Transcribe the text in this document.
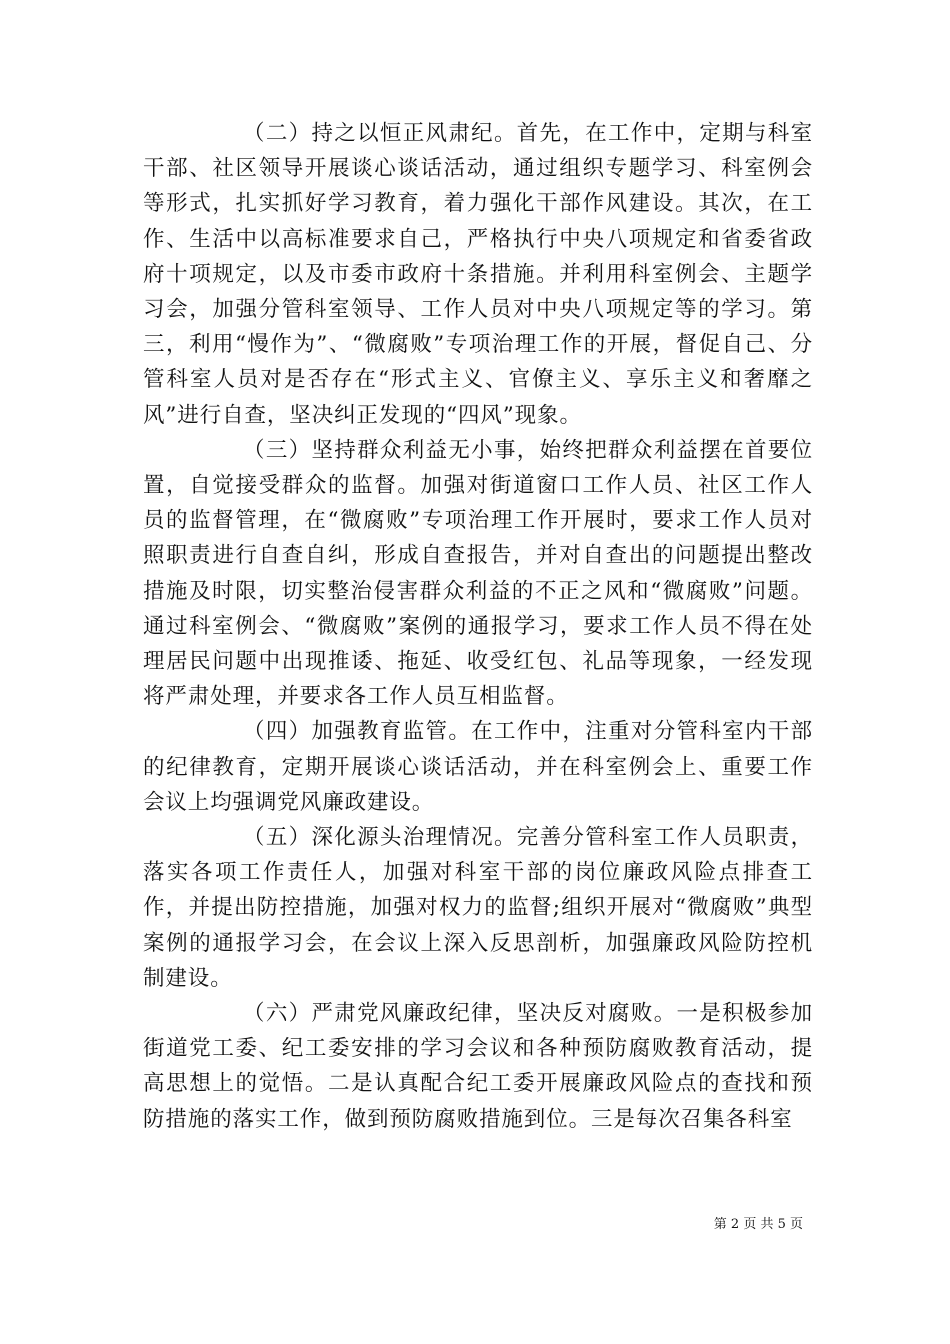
（二）持之以恒正风肃纪。首先，在工作中，定期与科室干部、社区领导开展谈心谈话活动，通过组织专题学习、科室例会等形式，扎实抓好学习教育，着力强化干部作风建设。其次，在工作、生活中以高标准要求自己，严格执行中央八项规定和省委省政府十项规定，以及市委市政府十条措施。并利用科室例会、主题学习会，加强分管科室领导、工作人员对中央八项规定等的学习。第三，利用“慢作为”、“微腐败”专项治理工作的开展，督促自己、分管科室人员对是否存在“形式主义、官僚主义、享乐主义和奢靡之风”进行自查，坚决纠正发现的“四风”现象。

（三）坚持群众利益无小事，始终把群众利益摆在首要位置，自觉接受群众的监督。加强对街道窗口工作人员、社区工作人员的监督管理，在“微腐败”专项治理工作开展时，要求工作人员对照职责进行自查自纠，形成自查报告，并对自查出的问题提出整改措施及时限，切实整治侵害群众利益的不正之风和“微腐败”问题。通过科室例会、“微腐败”案例的通报学习，要求工作人员不得在处理居民问题中出现推诿、拖延、收受红包、礼品等现象，一经发现将严肃处理，并要求各工作人员互相监督。

（四）加强教育监管。在工作中，注重对分管科室内干部的纪律教育，定期开展谈心谈话活动，并在科室例会上、重要工作会议上均强调党风廉政建设。

（五）深化源头治理情况。完善分管科室工作人员职责，落实各项工作责任人，加强对科室干部的岗位廉政风险点排查工作，并提出防控措施，加强对权力的监督;组织开展对“微腐败”典型案例的通报学习会，在会议上深入反思剖析，加强廉政风险防控机制建设。

（六）严肃党风廉政纪律，坚决反对腐败。一是积极参加街道党工委、纪工委安排的学习会议和各种预防腐败教育活动，提高思想上的觉悟。二是认真配合纪工委开展廉政风险点的查找和预防措施的落实工作，做到预防腐败措施到位。三是每次召集各科室

第 2 页 共 5 页
